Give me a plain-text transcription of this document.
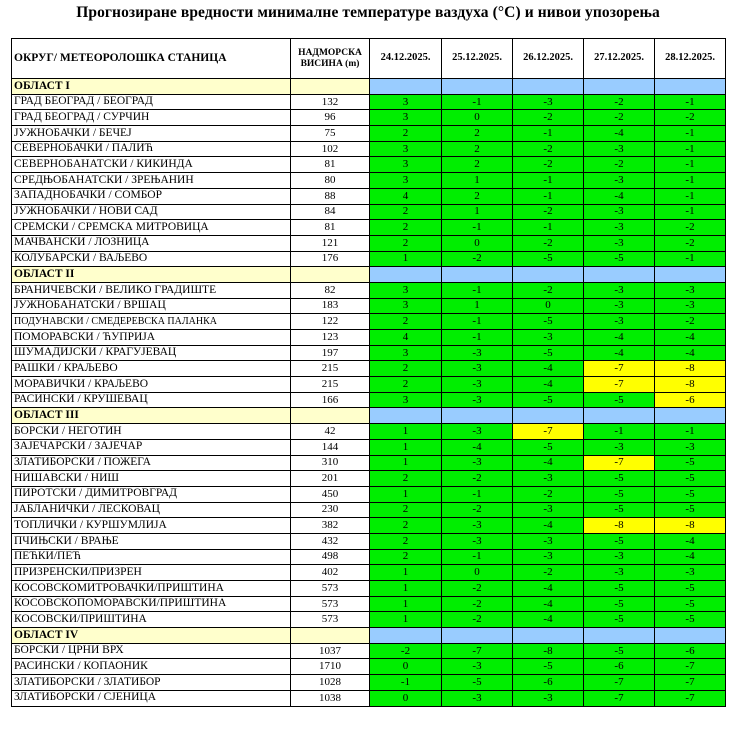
Прогнозиране вредности минималне температуре ваздуха (°C) и нивои упозорења
ОКРУГ/ МЕТЕОРОЛОШКА СТАНИЦА	НАДМОРСКА ВИСИНА (m)	24.12.2025.	25.12.2025.	26.12.2025.	27.12.2025.	28.12.2025.
ОБЛАСТ I						
ГРАД БЕОГРАД / БЕОГРАД	132	3	-1	-3	-2	-1
ГРАД БЕОГРАД / СУРЧИН	96	3	0	-2	-2	-2
ЈУЖНОБАЧКИ / БЕЧЕЈ	75	2	2	-1	-4	-1
СЕВЕРНОБАЧКИ / ПАЛИЋ	102	3	2	-2	-3	-1
СЕВЕРНОБАНАТСКИ / КИКИНДА	81	3	2	-2	-2	-1
СРЕДЊОБАНАТСКИ / ЗРЕЊАНИН	80	3	1	-1	-3	-1
ЗАПАДНОБАЧКИ / СОМБОР	88	4	2	-1	-4	-1
ЈУЖНОБАЧКИ / НОВИ САД	84	2	1	-2	-3	-1
СРЕМСКИ / СРЕМСКА МИТРОВИЦА	81	2	-1	-1	-3	-2
МАЧВАНСКИ / ЛОЗНИЦА	121	2	0	-2	-3	-2
КОЛУБАРСКИ / ВАЉЕВО	176	1	-2	-5	-5	-1
ОБЛАСТ II						
БРАНИЧЕВСКИ / ВЕЛИКО ГРАДИШТЕ	82	3	-1	-2	-3	-3
ЈУЖНОБАНАТСКИ / ВРШАЦ	183	3	1	0	-3	-3
ПОДУНАВСКИ / СМЕДЕРЕВСКА ПАЛАНКА	122	2	-1	-5	-3	-2
ПОМОРАВСКИ / ЋУПРИЈА	123	4	-1	-3	-4	-4
ШУМАДИЈСКИ / КРАГУЈЕВАЦ	197	3	-3	-5	-4	-4
РАШКИ / КРАЉЕВО	215	2	-3	-4	-7	-8
МОРАВИЧКИ / КРАЉЕВО	215	2	-3	-4	-7	-8
РАСИНСКИ / КРУШЕВАЦ	166	3	-3	-5	-5	-6
ОБЛАСТ III						
БОРСКИ / НЕГОТИН	42	1	-3	-7	-1	-1
ЗАЈЕЧАРСКИ / ЗАЈЕЧАР	144	1	-4	-5	-3	-3
ЗЛАТИБОРСКИ / ПОЖЕГА	310	1	-3	-4	-7	-5
НИШАВСКИ / НИШ	201	2	-2	-3	-5	-5
ПИРОТСКИ / ДИМИТРОВГРАД	450	1	-1	-2	-5	-5
ЈАБЛАНИЧКИ / ЛЕСКОВАЦ	230	2	-2	-3	-5	-5
ТОПЛИЧКИ / КУРШУМЛИЈА	382	2	-3	-4	-8	-8
ПЧИЊСКИ / ВРАЊЕ	432	2	-3	-3	-5	-4
ПЕЋКИ/ПЕЋ	498	2	-1	-3	-3	-4
ПРИЗРЕНСКИ/ПРИЗРЕН	402	1	0	-2	-3	-3
КОСОВСКОМИТРОВАЧКИ/ПРИШТИНА	573	1	-2	-4	-5	-5
КОСОВСКОПОМОРАВСКИ/ПРИШТИНА	573	1	-2	-4	-5	-5
КОСОВСКИ/ПРИШТИНА	573	1	-2	-4	-5	-5
ОБЛАСТ IV						
БОРСКИ / ЦРНИ ВРХ	1037	-2	-7	-8	-5	-6
РАСИНСКИ / КОПАОНИК	1710	0	-3	-5	-6	-7
ЗЛАТИБОРСКИ / ЗЛАТИБОР	1028	-1	-5	-6	-7	-7
ЗЛАТИБОРСКИ / СЈЕНИЦА	1038	0	-3	-3	-7	-7
